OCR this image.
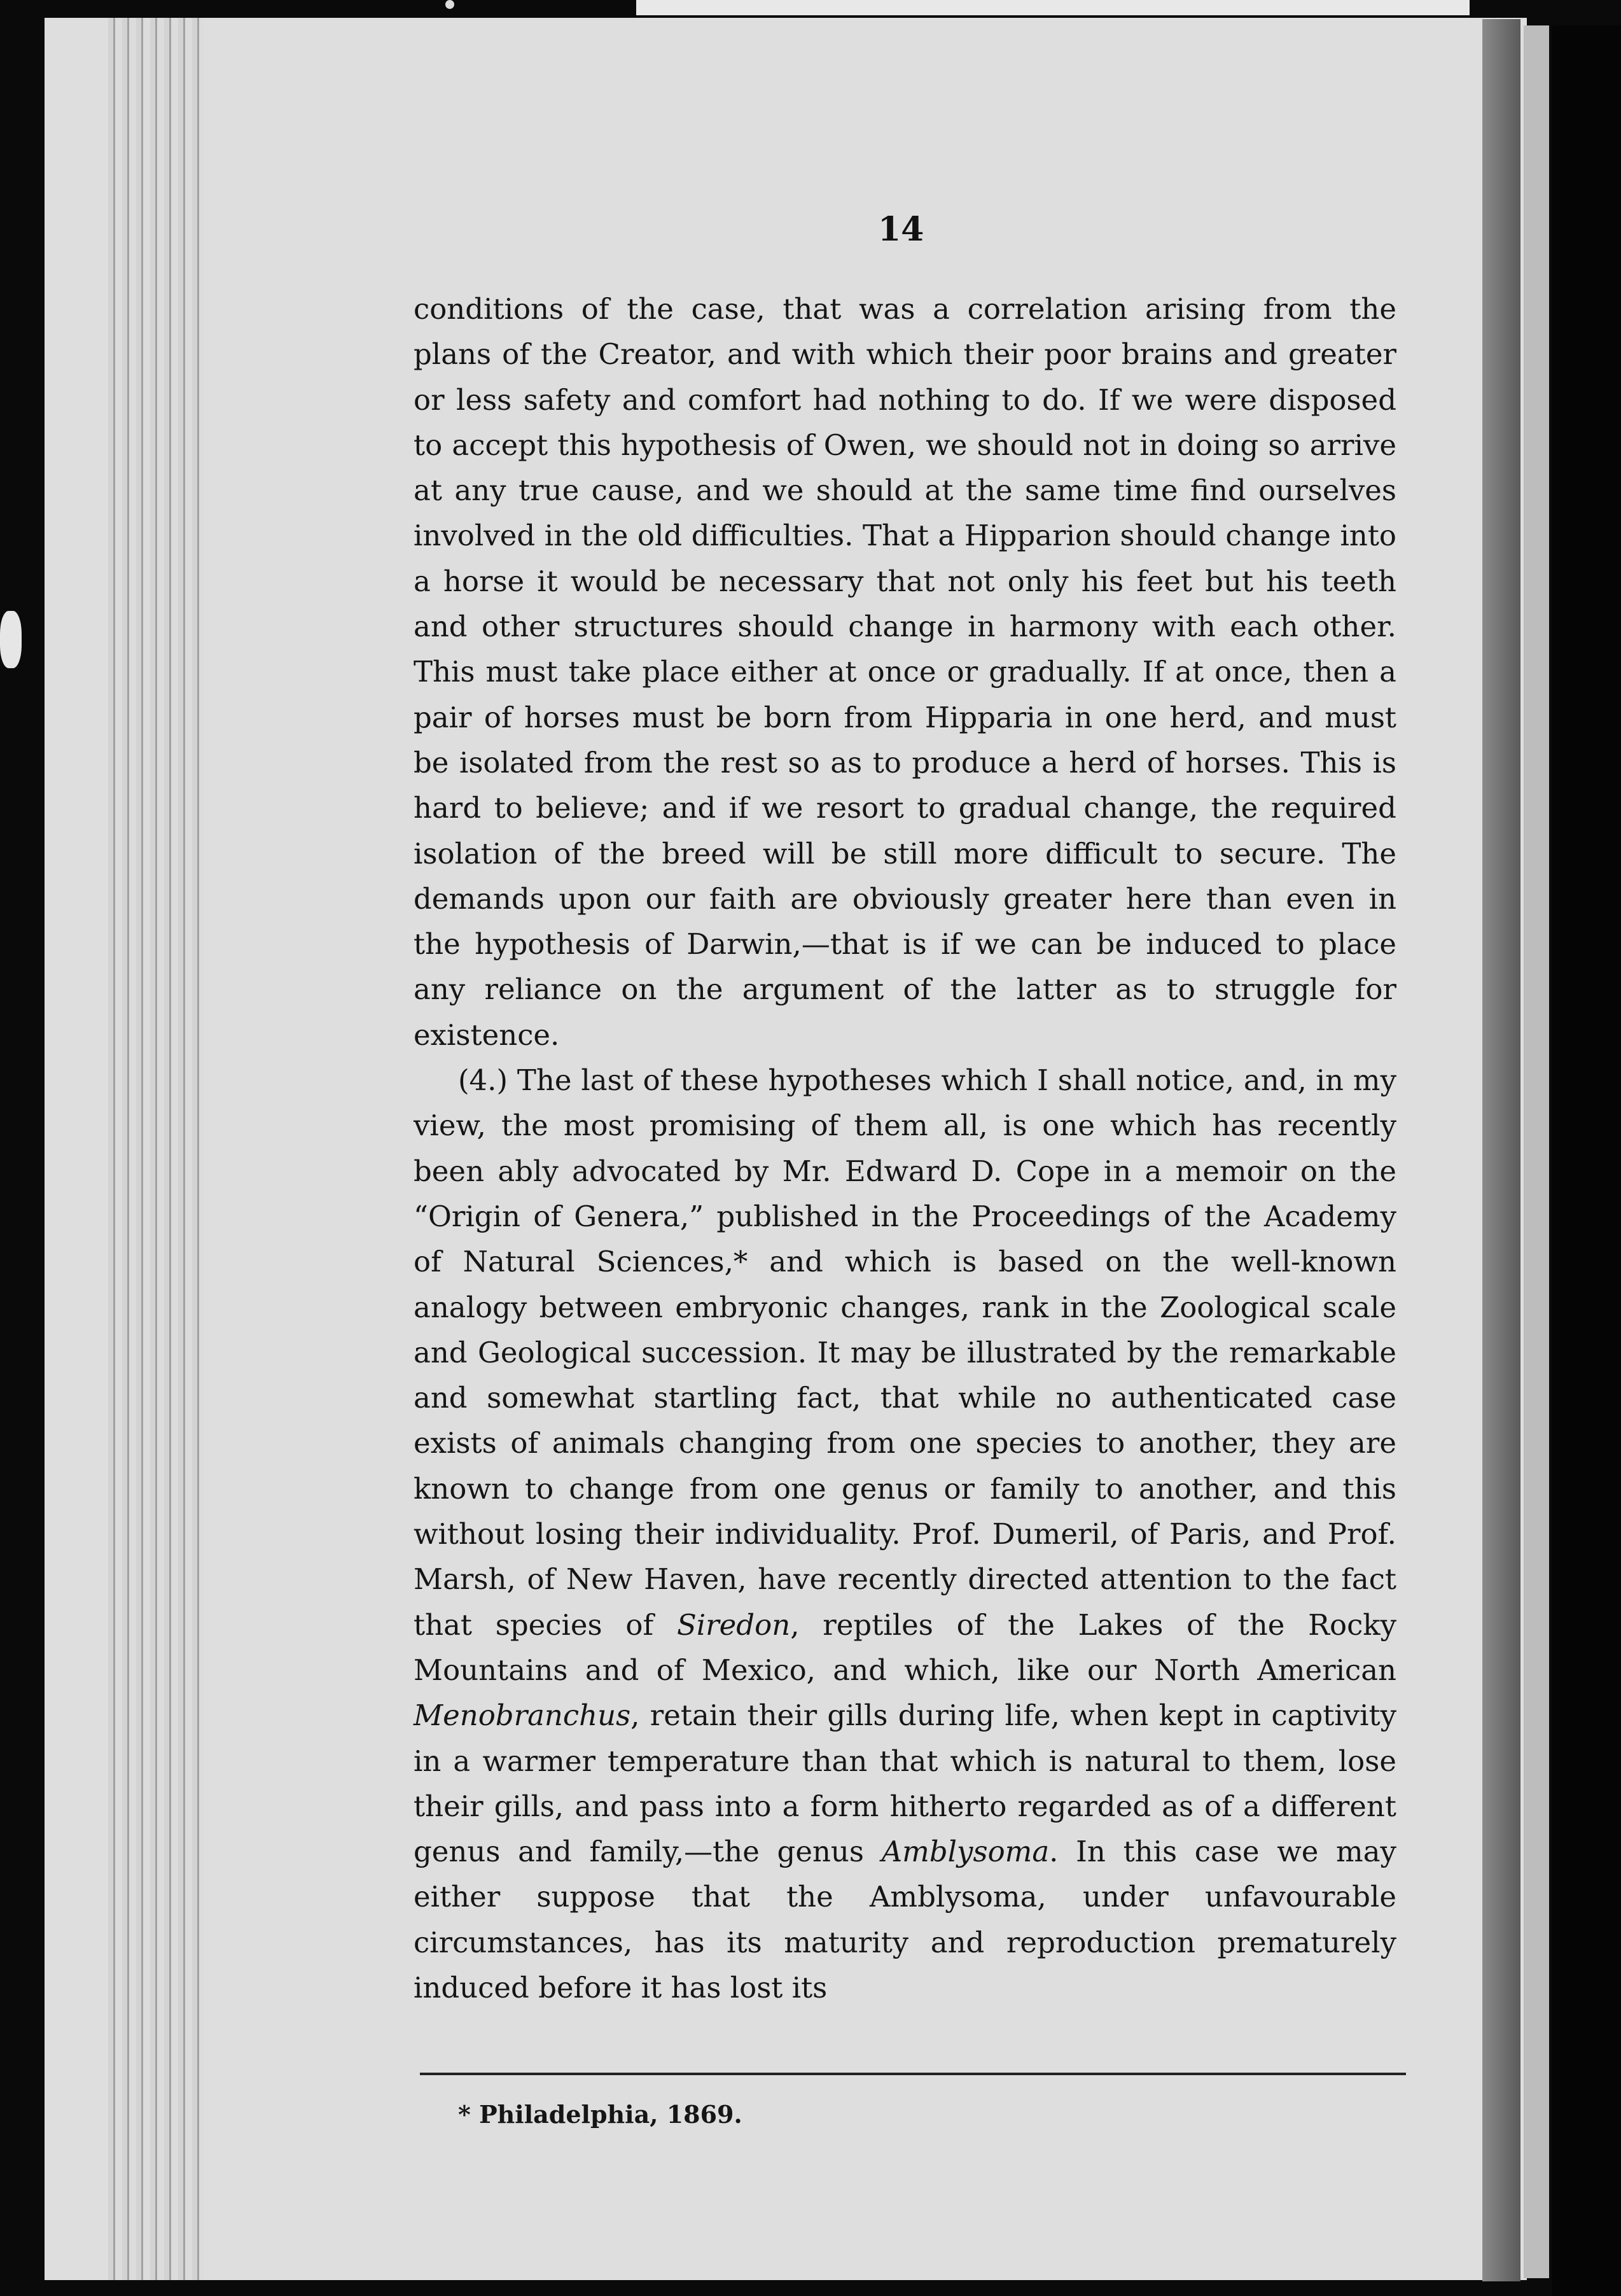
14

conditions of the case, that was a correlation arising from the plans of the Creator, and with which their poor brains and greater or less safety and comfort had nothing to do. If we were disposed to accept this hypothesis of Owen, we should not in doing so arrive at any true cause, and we should at the same time find ourselves involved in the old difficulties. That a Hipparion should change into a horse it would be necessary that not only his feet but his teeth and other structures should change in harmony with each other. This must take place either at once or gradually. If at once, then a pair of horses must be born from Hipparia in one herd, and must be isolated from the rest so as to produce a herd of horses. This is hard to believe; and if we resort to gradual change, the required isolation of the breed will be still more difficult to secure. The demands upon our faith are obviously greater here than even in the hypothesis of Darwin,—that is if we can be induced to place any reliance on the argument of the latter as to struggle for existence.

(4.) The last of these hypotheses which I shall notice, and, in my view, the most promising of them all, is one which has recently been ably advocated by Mr. Edward D. Cope in a memoir on the “Origin of Genera,” published in the Proceedings of the Academy of Natural Sciences,* and which is based on the well-known analogy between embryonic changes, rank in the Zoological scale and Geological succession. It may be illustrated by the remarkable and somewhat startling fact, that while no authenticated case exists of animals changing from one species to another, they are known to change from one genus or family to another, and this without losing their individuality. Prof. Dumeril, of Paris, and Prof. Marsh, of New Haven, have recently directed attention to the fact that species of Siredon, reptiles of the Lakes of the Rocky Mountains and of Mexico, and which, like our North American Menobranchus, retain their gills during life, when kept in captivity in a warmer temperature than that which is natural to them, lose their gills, and pass into a form hitherto regarded as of a different genus and family,—the genus Amblysoma. In this case we may either suppose that the Amblysoma, under unfavourable circumstances, has its maturity and reproduction prematurely induced before it has lost its

* Philadelphia, 1869.
